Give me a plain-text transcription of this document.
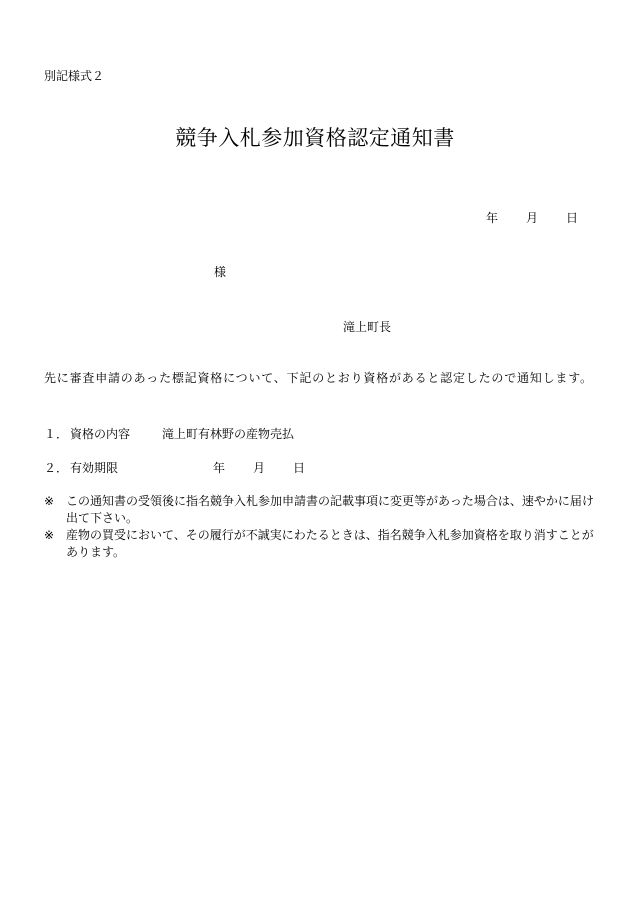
別記様式２
競争入札参加資格認定通知書
年 月 日
様
滝上町長
先に審査申請のあった標記資格について、下記のとおり資格があると認定したので通知します。
１． 資格の内容	滝上町有林野の産物売払
２． 有効期限	年 月 日
※ この通知書の受領後に指名競争入札参加申請書の記載事項に変更等があった場合は、速やかに届け出て下さい。
※ 産物の買受において、その履行が不誠実にわたるときは、指名競争入札参加資格を取り消すことがあります。
